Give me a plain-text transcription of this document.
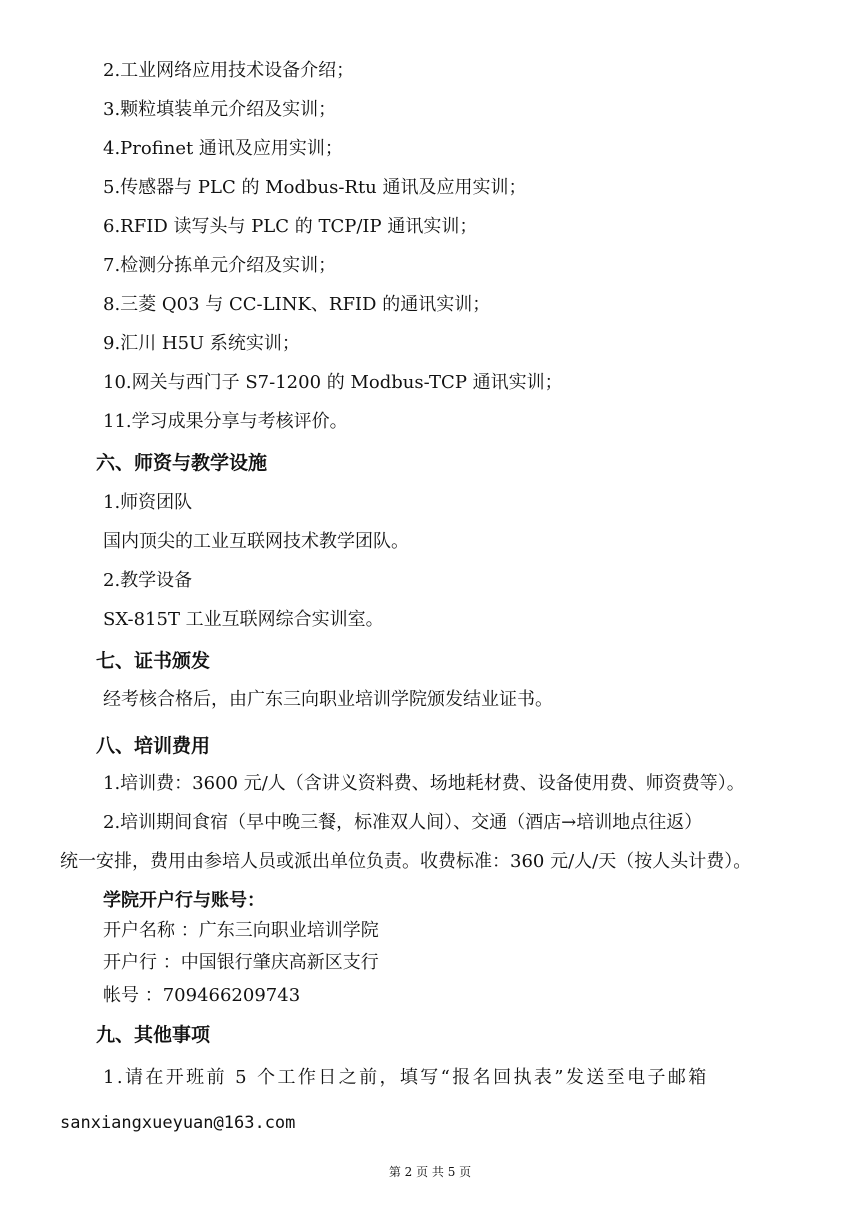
2.工业网络应用技术设备介绍；
3.颗粒填装单元介绍及实训；
4.Profinet 通讯及应用实训；
5.传感器与 PLC 的 Modbus-Rtu 通讯及应用实训；
6.RFID 读写头与 PLC 的 TCP/IP 通讯实训；
7.检测分拣单元介绍及实训；
8.三菱 Q03 与 CC-LINK、RFID 的通讯实训；
9.汇川 H5U 系统实训；
10.网关与西门子 S7-1200 的 Modbus-TCP 通讯实训；
11.学习成果分享与考核评价。
六、师资与教学设施
1.师资团队
国内顶尖的工业互联网技术教学团队。
2.教学设备
SX-815T 工业互联网综合实训室。
七、证书颁发
经考核合格后，由广东三向职业培训学院颁发结业证书。
八、培训费用
1.培训费：3600 元/人（含讲义资料费、场地耗材费、设备使用费、师资费等）。
2.培训期间食宿（早中晚三餐，标准双人间）、交通（酒店→培训地点往返）
统一安排，费用由参培人员或派出单位负责。收费标准：360 元/人/天（按人头计费）。
学院开户行与账号：
开户名称 ：广东三向职业培训学院
开户行 ：中国银行肇庆高新区支行
帐号 ：709466209743
九、其他事项
1.请在开班前 5 个工作日之前，填写“报名回执表”发送至电子邮箱
sanxiangxueyuan@163.com
第 2 页 共 5 页
